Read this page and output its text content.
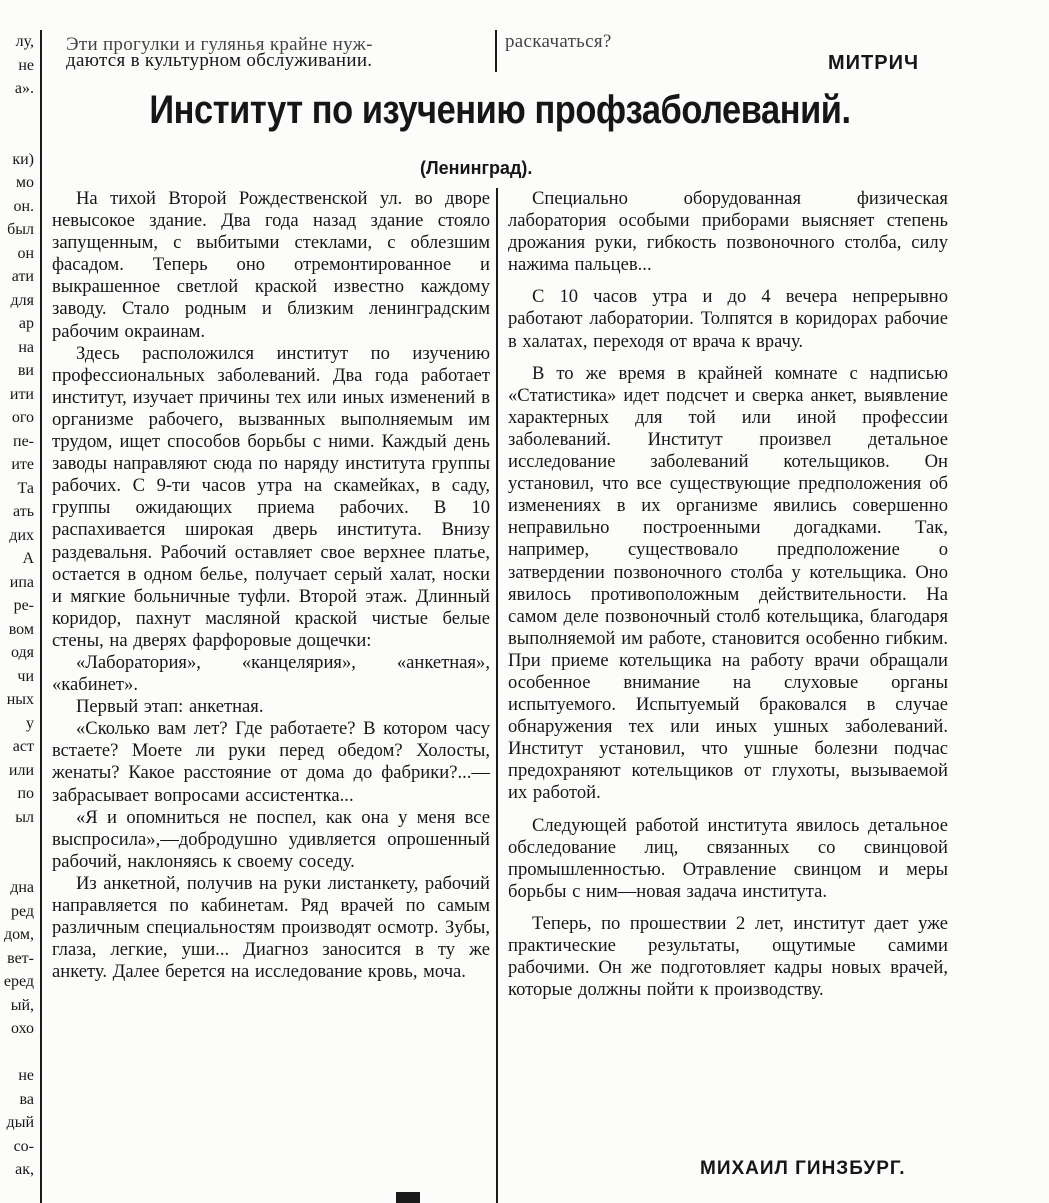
лу,
не
а».

ки)
мо
он.
был
он
ати
для
ар
на
ви
ити
ого
пе-
ите
Та
ать
дих
А
ипа
ре-
вом
одя
чи
ных
у
аст
или
по
ыл

дна
ред
дом,
вет-
еред
ый,
охо

не
ва
дый
со-
ак,
Эти прогулки и гулянья крайне нуж-
даются в культурном обслуживании.
раскачаться?
МИТРИЧ
Институт по изучению профзаболеваний.
(Ленинград).

На тихой Второй Рождественской ул. во дворе невысокое здание. Два года назад здание стояло запущенным, с выбитыми стеклами, с облезшим фасадом. Теперь оно отремонтированное и выкрашенное светлой краской известно каждому заводу. Стало родным и близким ленинградским рабочим окраинам.

Здесь расположился институт по изучению профессиональных заболеваний. Два года работает институт, изучает причины тех или иных изменений в организме рабочего, вызванных выполняемым им трудом, ищет способов борьбы с ними. Каждый день заводы направляют сюда по наряду института группы рабочих. С 9-ти часов утра на скамейках, в саду, группы ожидающих приема рабочих. В 10 распахивается широкая дверь института. Внизу раздевальня. Рабочий оставляет свое верхнее платье, остается в одном белье, получает серый халат, носки и мягкие больничные туфли. Второй этаж. Длинный коридор, пахнут масляной краской чистые белые стены, на дверях фарфоровые дощечки:

«Лаборатория», «канцелярия», «анкетная», «кабинет».

Первый этап: анкетная.

«Сколько вам лет? Где работаете? В котором часу встаете? Моете ли руки перед обедом? Холосты, женаты? Какое расстояние от дома до фабрики?...—забрасывает вопросами ассистентка...

«Я и опомниться не поспел, как она у меня все выспросила»,—добродушно удивляется опрошенный рабочий, наклоняясь к своему соседу.

Из анкетной, получив на руки листанкету, рабочий направляется по кабинетам. Ряд врачей по самым различным специальностям производят осмотр. Зубы, глаза, легкие, уши... Диагноз заносится в ту же анкету. Далее берется на исследование кровь, моча.

Специально оборудованная физическая лаборатория особыми приборами выясняет степень дрожания руки, гибкость позвоночного столба, силу нажима пальцев...

С 10 часов утра и до 4 вечера непрерывно работают лаборатории. Толпятся в коридорах рабочие в халатах, переходя от врача к врачу.

В то же время в крайней комнате с надписью «Статистика» идет подсчет и сверка анкет, выявление характерных для той или иной профессии заболеваний. Институт произвел детальное исследование заболеваний котельщиков. Он установил, что все существующие предположения об изменениях в их организме явились совершенно неправильно построенными догадками. Так, например, существовало предположение о затвердении позвоночного столба у котельщика. Оно явилось противоположным действительности. На самом деле позвоночный столб котельщика, благодаря выполняемой им работе, становится особенно гибким. При приеме котельщика на работу врачи обращали особенное внимание на слуховые органы испытуемого. Испытуемый браковался в случае обнаружения тех или иных ушных заболеваний. Институт установил, что ушные болезни подчас предохраняют котельщиков от глухоты, вызываемой их работой.

Следующей работой института явилось детальное обследование лиц, связанных со свинцовой промышленностью. Отравление свинцом и меры борьбы с ним—новая задача института.

Теперь, по прошествии 2 лет, институт дает уже практические результаты, ощутимые самими рабочими. Он же подготовляет кадры новых врачей, которые должны пойти к производству.

МИХАИЛ ГИНЗБУРГ.
